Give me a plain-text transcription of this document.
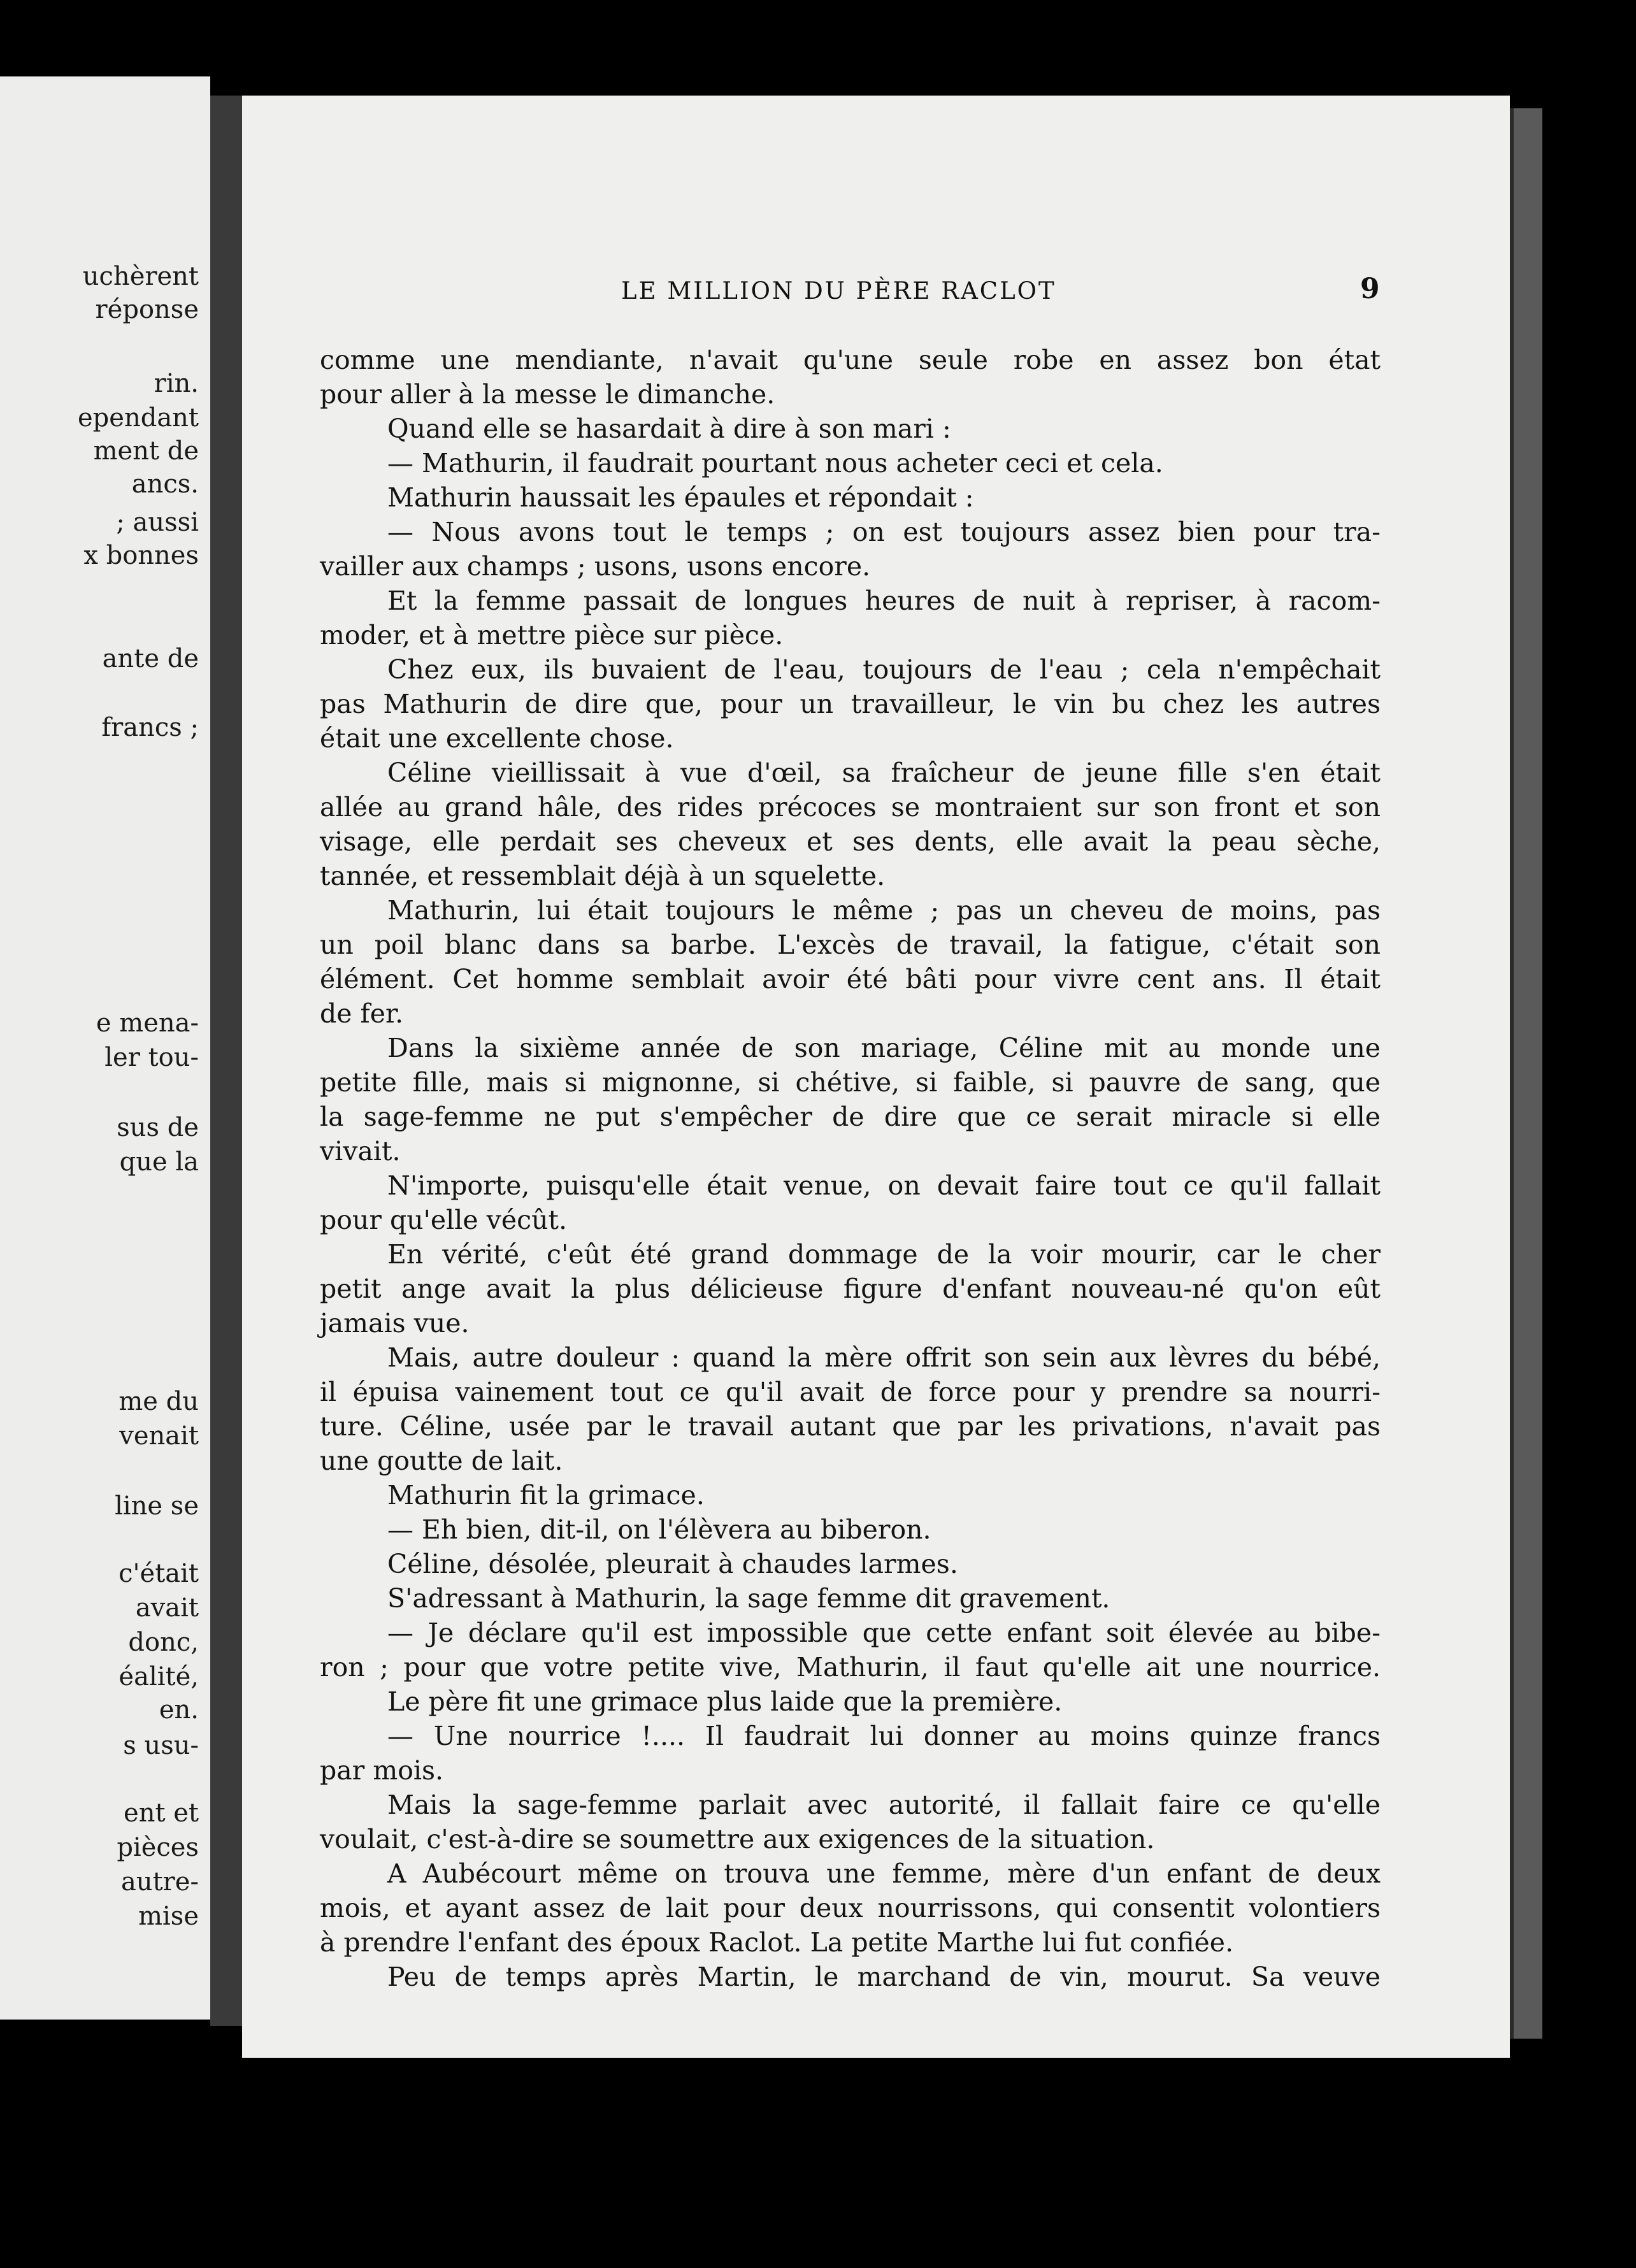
uchèrent
réponse
rin.
ependant
ment de
ancs.
; aussi
x bonnes
ante de
francs ;
e mena-
ler tou-
sus de
que la
me du
venait
line se
c'était
avait
donc,
éalité,
en.
s usu-
ent et
pièces
autre-
mise
LE MILLION DU PÈRE RACLOT	9
comme une mendiante, n'avait qu'une seule robe en assez bon état
pour aller à la messe le dimanche.
Quand elle se hasardait à dire à son mari :
— Mathurin, il faudrait pourtant nous acheter ceci et cela.
Mathurin haussait les épaules et répondait :
— Nous avons tout le temps ; on est toujours assez bien pour tra-
vailler aux champs ; usons, usons encore.
Et la femme passait de longues heures de nuit à repriser, à racom-
moder, et à mettre pièce sur pièce.
Chez eux, ils buvaient de l'eau, toujours de l'eau ; cela n'empêchait
pas Mathurin de dire que, pour un travailleur, le vin bu chez les autres
était une excellente chose.
Céline vieillissait à vue d'œil, sa fraîcheur de jeune fille s'en était
allée au grand hâle, des rides précoces se montraient sur son front et son
visage, elle perdait ses cheveux et ses dents, elle avait la peau sèche,
tannée, et ressemblait déjà à un squelette.
Mathurin, lui était toujours le même ; pas un cheveu de moins, pas
un poil blanc dans sa barbe. L'excès de travail, la fatigue, c'était son
élément. Cet homme semblait avoir été bâti pour vivre cent ans. Il était
de fer.
Dans la sixième année de son mariage, Céline mit au monde une
petite fille, mais si mignonne, si chétive, si faible, si pauvre de sang, que
la sage-femme ne put s'empêcher de dire que ce serait miracle si elle
vivait.
N'importe, puisqu'elle était venue, on devait faire tout ce qu'il fallait
pour qu'elle vécût.
En vérité, c'eût été grand dommage de la voir mourir, car le cher
petit ange avait la plus délicieuse figure d'enfant nouveau-né qu'on eût
jamais vue.
Mais, autre douleur : quand la mère offrit son sein aux lèvres du bébé,
il épuisa vainement tout ce qu'il avait de force pour y prendre sa nourri-
ture. Céline, usée par le travail autant que par les privations, n'avait pas
une goutte de lait.
Mathurin fit la grimace.
— Eh bien, dit-il, on l'élèvera au biberon.
Céline, désolée, pleurait à chaudes larmes.
S'adressant à Mathurin, la sage femme dit gravement.
— Je déclare qu'il est impossible que cette enfant soit élevée au bibe-
ron ; pour que votre petite vive, Mathurin, il faut qu'elle ait une nourrice.
Le père fit une grimace plus laide que la première.
— Une nourrice !.... Il faudrait lui donner au moins quinze francs
par mois.
Mais la sage-femme parlait avec autorité, il fallait faire ce qu'elle
voulait, c'est-à-dire se soumettre aux exigences de la situation.
A Aubécourt même on trouva une femme, mère d'un enfant de deux
mois, et ayant assez de lait pour deux nourrissons, qui consentit volontiers
à prendre l'enfant des époux Raclot. La petite Marthe lui fut confiée.
Peu de temps après Martin, le marchand de vin, mourut. Sa veuve
